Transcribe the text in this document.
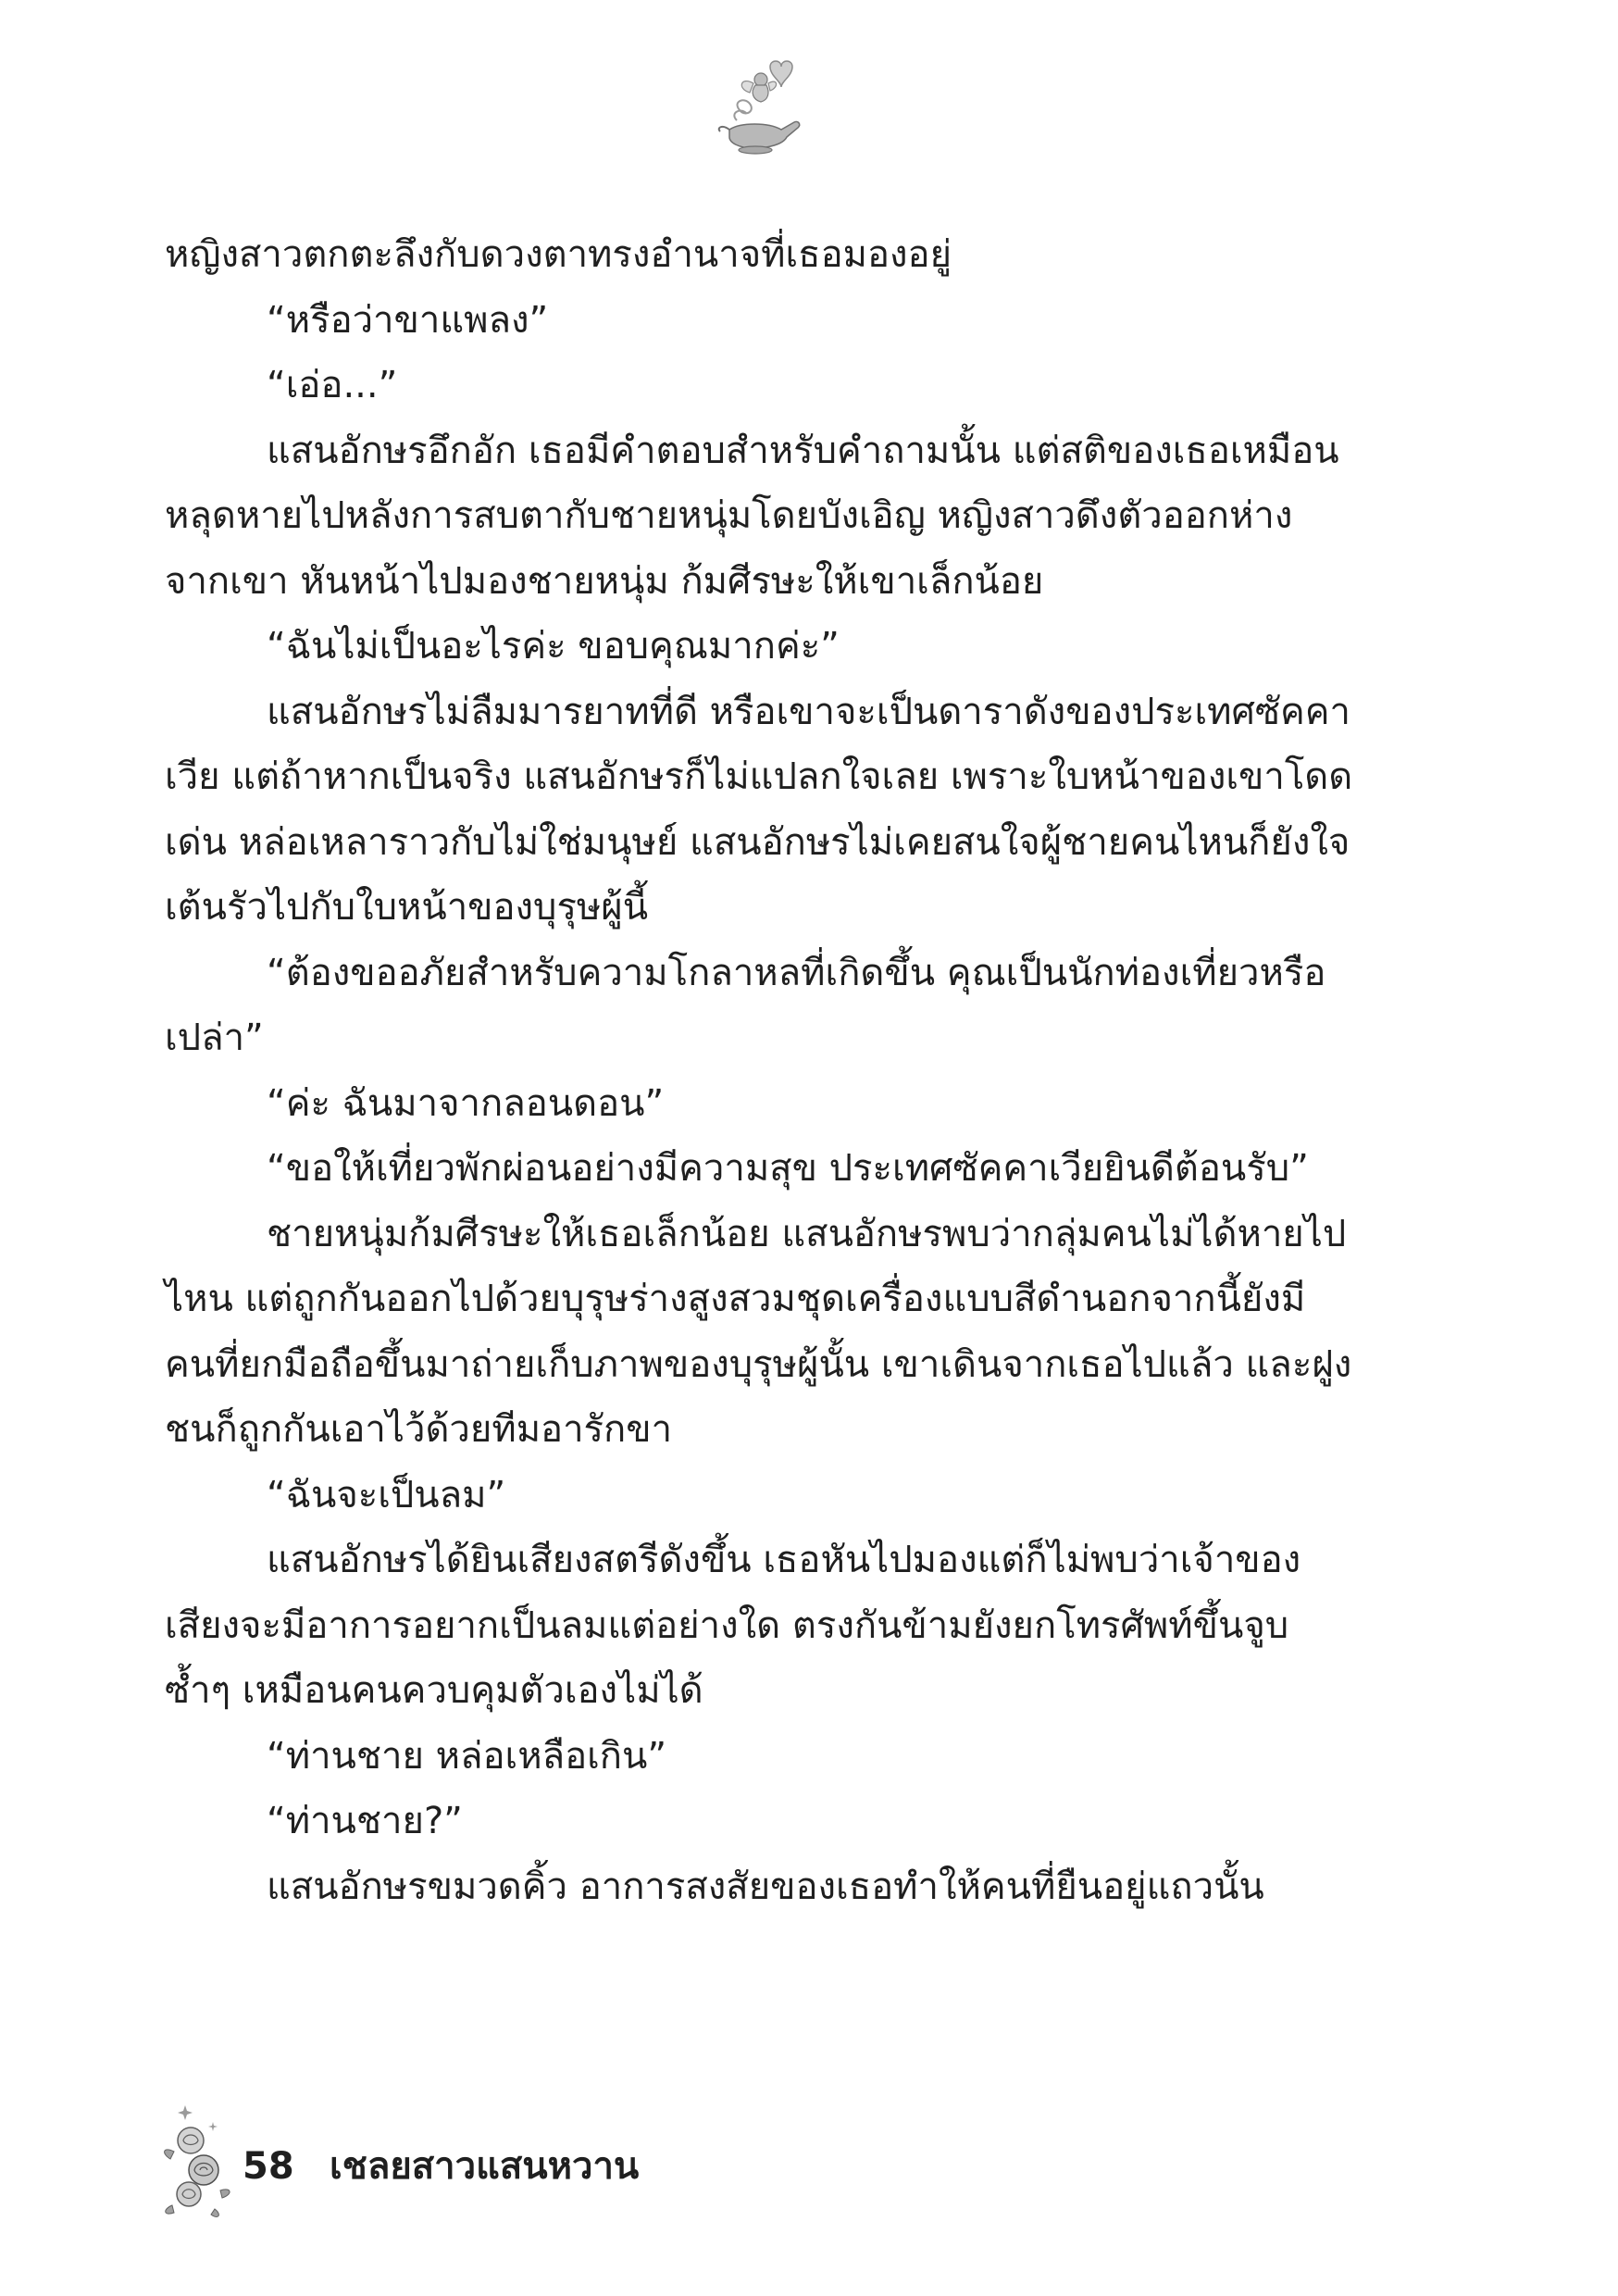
หญิงสาวตกตะลึงกับดวงตาทรงอำนาจที่เธอมองอยู่

“หรือว่าขาแพลง”

“เอ่อ...”

แสนอักษรอึกอัก เธอมีคำตอบสำหรับคำถามนั้น แต่สติของเธอเหมือนหลุดหายไปหลังการสบตากับชายหนุ่มโดยบังเอิญ หญิงสาวดึงตัวออกห่างจากเขา หันหน้าไปมองชายหนุ่ม ก้มศีรษะให้เขาเล็กน้อย

“ฉันไม่เป็นอะไรค่ะ ขอบคุณมากค่ะ”

แสนอักษรไม่ลืมมารยาทที่ดี หรือเขาจะเป็นดาราดังของประเทศซัคคาเวีย แต่ถ้าหากเป็นจริง แสนอักษรก็ไม่แปลกใจเลย เพราะใบหน้าของเขาโดดเด่น หล่อเหลาราวกับไม่ใช่มนุษย์ แสนอักษรไม่เคยสนใจผู้ชายคนไหนก็ยังใจเต้นรัวไปกับใบหน้าของบุรุษผู้นี้

“ต้องขออภัยสำหรับความโกลาหลที่เกิดขึ้น คุณเป็นนักท่องเที่ยวหรือเปล่า”

“ค่ะ ฉันมาจากลอนดอน”

“ขอให้เที่ยวพักผ่อนอย่างมีความสุข ประเทศซัคคาเวียยินดีต้อนรับ”

ชายหนุ่มก้มศีรษะให้เธอเล็กน้อย แสนอักษรพบว่ากลุ่มคนไม่ได้หายไปไหน แต่ถูกกันออกไปด้วยบุรุษร่างสูงสวมชุดเครื่องแบบสีดำนอกจากนี้ยังมีคนที่ยกมือถือขึ้นมาถ่ายเก็บภาพของบุรุษผู้นั้น เขาเดินจากเธอไปแล้ว และฝูงชนก็ถูกกันเอาไว้ด้วยทีมอารักขา

“ฉันจะเป็นลม”

แสนอักษรได้ยินเสียงสตรีดังขึ้น เธอหันไปมองแต่ก็ไม่พบว่าเจ้าของเสียงจะมีอาการอยากเป็นลมแต่อย่างใด ตรงกันข้ามยังยกโทรศัพท์ขึ้นจูบซ้ำๆ เหมือนคนควบคุมตัวเองไม่ได้

“ท่านชาย หล่อเหลือเกิน”

“ท่านชาย?”

แสนอักษรขมวดคิ้ว อาการสงสัยของเธอทำให้คนที่ยืนอยู่แถวนั้น

58 เชลยสาวแสนหวาน
